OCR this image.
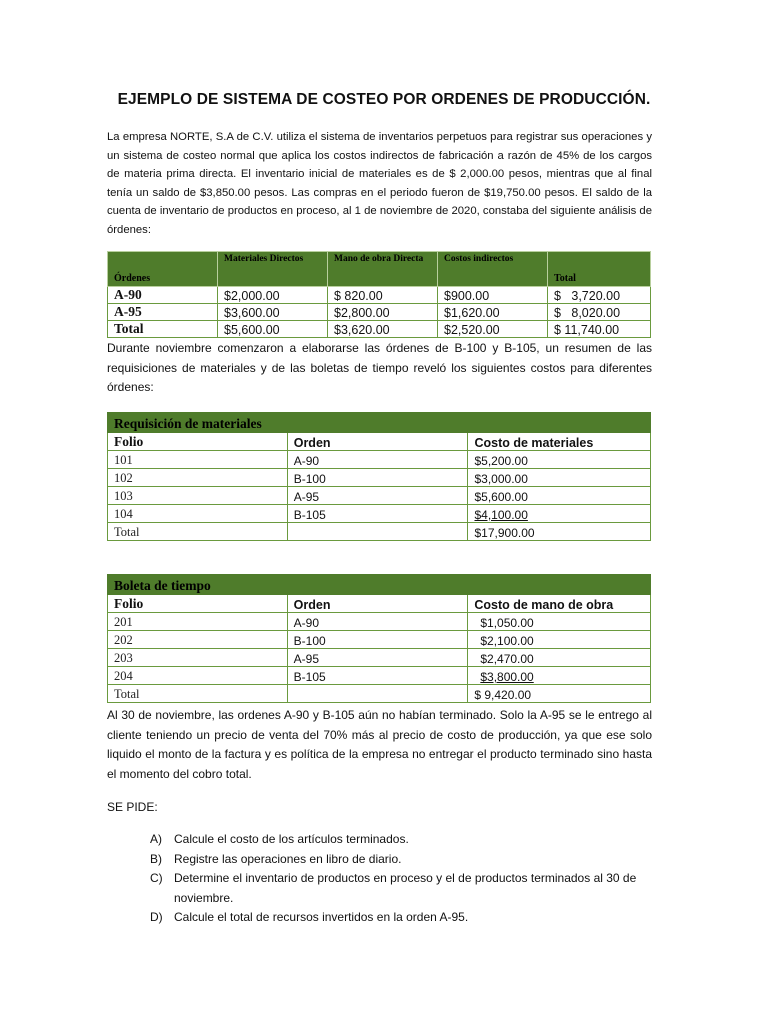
EJEMPLO DE SISTEMA DE COSTEO POR ORDENES DE PRODUCCIÓN.
La empresa NORTE, S.A de C.V. utiliza el sistema de inventarios perpetuos para registrar sus operaciones y un sistema de costeo normal que aplica los costos indirectos de fabricación a razón de 45% de los cargos de materia prima directa. El inventario inicial de materiales es de $ 2,000.00 pesos, mientras que al final tenía un saldo de $3,850.00 pesos. Las compras en el periodo fueron de $19,750.00 pesos. El saldo de la cuenta de inventario de productos en proceso, al 1 de noviembre de 2020, constaba del siguiente análisis de órdenes:
Órdenes	Materiales Directos	Mano de obra Directa	Costos indirectos	Total
A-90	$2,000.00	$ 820.00	$900.00	$   3,720.00
A-95	$3,600.00	$2,800.00	$1,620.00	$   8,020.00
Total	$5,600.00	$3,620.00	$2,520.00	$ 11,740.00
Durante noviembre comenzaron a elaborarse las órdenes de B-100 y B-105, un resumen de las requisiciones de materiales y de las boletas de tiempo reveló los siguientes costos para diferentes órdenes:
Requisición de materiales		
Folio	Orden	Costo de materiales
101	A-90	$5,200.00
102	B-100	$3,000.00
103	A-95	$5,600.00
104	B-105	$4,100.00
Total		$17,900.00
Boleta de tiempo		
Folio	Orden	Costo de mano de obra
201	A-90	$1,050.00
202	B-100	$2,100.00
203	A-95	$2,470.00
204	B-105	$3,800.00
Total		$ 9,420.00
Al 30 de noviembre, las ordenes A-90 y B-105 aún no habían terminado. Solo la A-95 se le entrego al cliente teniendo un precio de venta del 70% más al precio de costo de producción, ya que ese solo liquido el monto de la factura y es política de la empresa no entregar el producto terminado sino hasta el momento del cobro total.
SE PIDE:
A) Calcule el costo de los artículos terminados.
B) Registre las operaciones en libro de diario.
C) Determine el inventario de productos en proceso y el de productos terminados al 30 de noviembre.
D) Calcule el total de recursos invertidos en la orden A-95.
